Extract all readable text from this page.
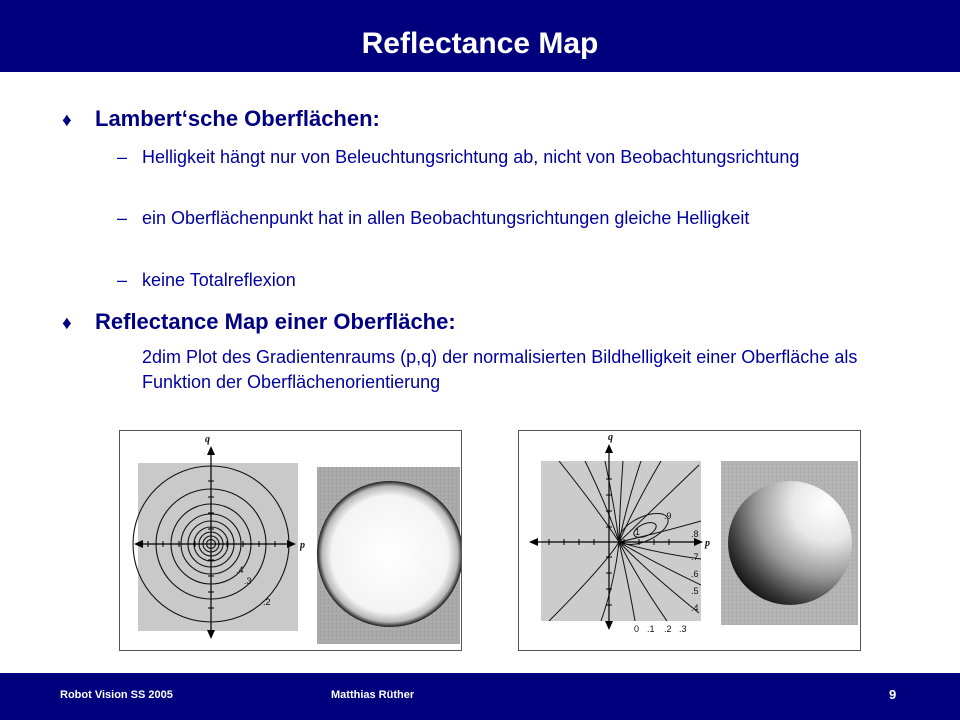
Reflectance Map
♦ Lambert‘sche Oberflächen:
– Helligkeit hängt nur von Beleuchtungsrichtung ab, nicht von Beobachtungsrichtung
– ein Oberflächenpunkt hat in allen Beobachtungsrichtungen gleiche Helligkeit
– keine Totalreflexion
♦ Reflectance Map einer Oberfläche:
2dim Plot des Gradientenraums (p,q) der normalisierten Bildhelligkeit einer Oberfläche als Funktion der Oberflächenorientierung
q
p
.4
.3
.2
q
p
1
.9
.8
.7
.6
.5
.4
0 .1 .2 .3
Robot Vision SS 2005	Matthias Rüther	9
